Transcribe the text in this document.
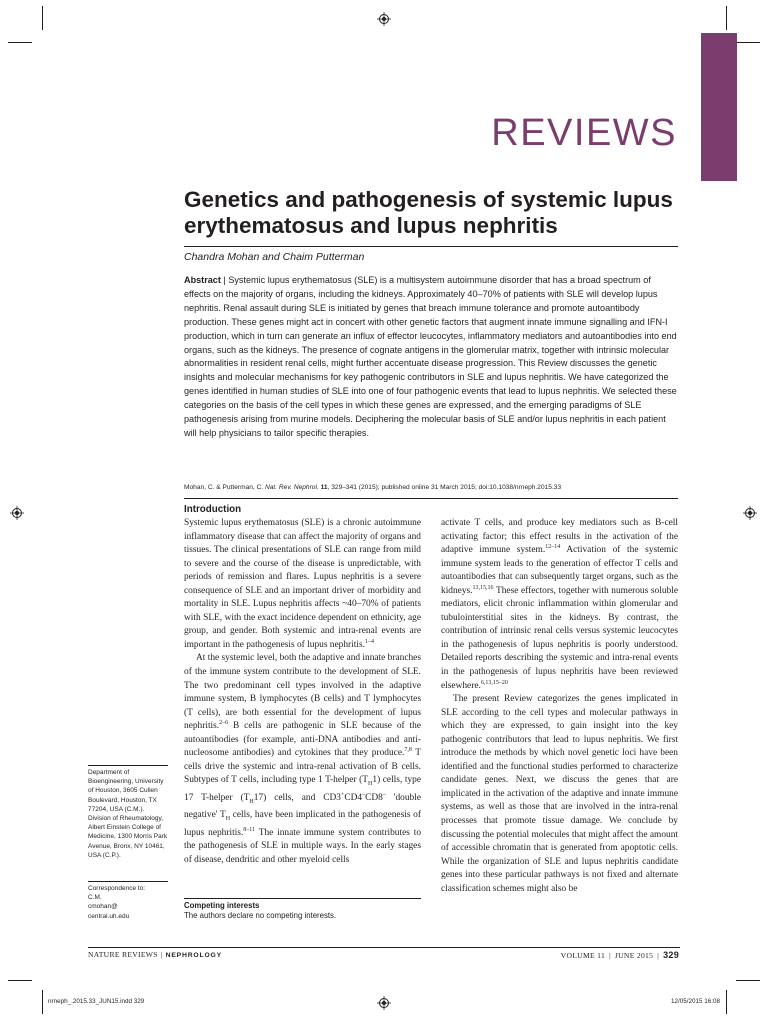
REVIEWS
Genetics and pathogenesis of systemic lupus erythematosus and lupus nephritis
Chandra Mohan and Chaim Putterman
Abstract | Systemic lupus erythematosus (SLE) is a multisystem autoimmune disorder that has a broad spectrum of effects on the majority of organs, including the kidneys. Approximately 40–70% of patients with SLE will develop lupus nephritis. Renal assault during SLE is initiated by genes that breach immune tolerance and promote autoantibody production. These genes might act in concert with other genetic factors that augment innate immune signalling and IFN-I production, which in turn can generate an influx of effector leucocytes, inflammatory mediators and autoantibodies into end organs, such as the kidneys. The presence of cognate antigens in the glomerular matrix, together with intrinsic molecular abnormalities in resident renal cells, might further accentuate disease progression. This Review discusses the genetic insights and molecular mechanisms for key pathogenic contributors in SLE and lupus nephritis. We have categorized the genes identified in human studies of SLE into one of four pathogenic events that lead to lupus nephritis. We selected these categories on the basis of the cell types in which these genes are expressed, and the emerging paradigms of SLE pathogenesis arising from murine models. Deciphering the molecular basis of SLE and/or lupus nephritis in each patient will help physicians to tailor specific therapies.
Mohan, C. & Putterman, C. Nat. Rev. Nephrol. 11, 329–341 (2015); published online 31 March 2015; doi:10.1038/nrneph.2015.33
Department of Bioengineering, University of Houston, 3605 Cullen Boulevard, Houston, TX 77204, USA (C.M.). Division of Rheumatology, Albert Einstein College of Medicine, 1300 Morris Park Avenue, Bronx, NY 10461, USA (C.P.).
Correspondence to:
C.M.
cmohan@
central.uh.edu
Introduction

Systemic lupus erythematosus (SLE) is a chronic autoimmune inflammatory disease that can affect the majority of organs and tissues. The clinical presentations of SLE can range from mild to severe and the course of the disease is unpredictable, with periods of remission and flares. Lupus nephritis is a severe consequence of SLE and an important driver of morbidity and mortality in SLE. Lupus nephritis affects ~40–70% of patients with SLE, with the exact incidence dependent on ethnicity, age group, and gender. Both systemic and intra-renal events are important in the pathogenesis of lupus nephritis.$^{1-4}$

At the systemic level, both the adaptive and innate branches of the immune system contribute to the development of SLE. The two predominant cell types involved in the adaptive immune system, B lymphocytes (B cells) and T lymphocytes (T cells), are both essential for the development of lupus nephritis.$^{2-6}$ B cells are pathogenic in SLE because of the autoantibodies (for example, anti-DNA antibodies and anti-nucleosome antibodies) and cytokines that they produce.$^{7,8}$ T cells drive the systemic and intra-renal activation of B cells. Subtypes of T cells, including type 1 T-helper $(T_H1)$ cells, type 17 T-helper $(T_H17)$ cells, and CD3+CD4–CD8– 'double negative' $T_H$ cells, have been implicated in the pathogenesis of lupus nephritis.$^{8-11}$ The innate immune system contributes to the pathogenesis of SLE in multiple ways. In the early stages of disease, dendritic and other myeloid cells

Competing interests
The authors declare no competing interests.

activate T cells, and produce key mediators such as B-cell activating factor; this effect results in the activation of the adaptive immune system.$^{12-14}$ Activation of the systemic immune system leads to the generation of effector T cells and autoantibodies that can subsequently target organs, such as the kidneys.$^{13,15,16}$ These effectors, together with numerous soluble mediators, elicit chronic inflammation within glomerular and tubulointerstitial sites in the kidneys. By contrast, the contribution of intrinsic renal cells versus systemic leucocytes in the pathogenesis of lupus nephritis is poorly understood. Detailed reports describing the systemic and intra-renal events in the pathogenesis of lupus nephritis have been reviewed elsewhere.$^{6,13,15-20}$

The present Review categorizes the genes implicated in SLE according to the cell types and molecular pathways in which they are expressed, to gain insight into the key pathogenic contributors that lead to lupus nephritis. We first introduce the methods by which novel genetic loci have been identified and the functional studies performed to characterize candidate genes. Next, we discuss the genes that are implicated in the activation of the adaptive and innate immune systems, as well as those that are involved in the intra-renal processes that promote tissue damage. We conclude by discussing the potential molecules that might affect the amount of accessible chromatin that is generated from apoptotic cells. While the organization of SLE and lupus nephritis candidate genes into these particular pathways is not fixed and alternate classification schemes might also be

NATURE REVIEWS | NEPHROLOGY	VOLUME 11 | JUNE 2015 | 329
nrneph_.2015.33_JUN15.indd 329	12/05/2015 16:08
